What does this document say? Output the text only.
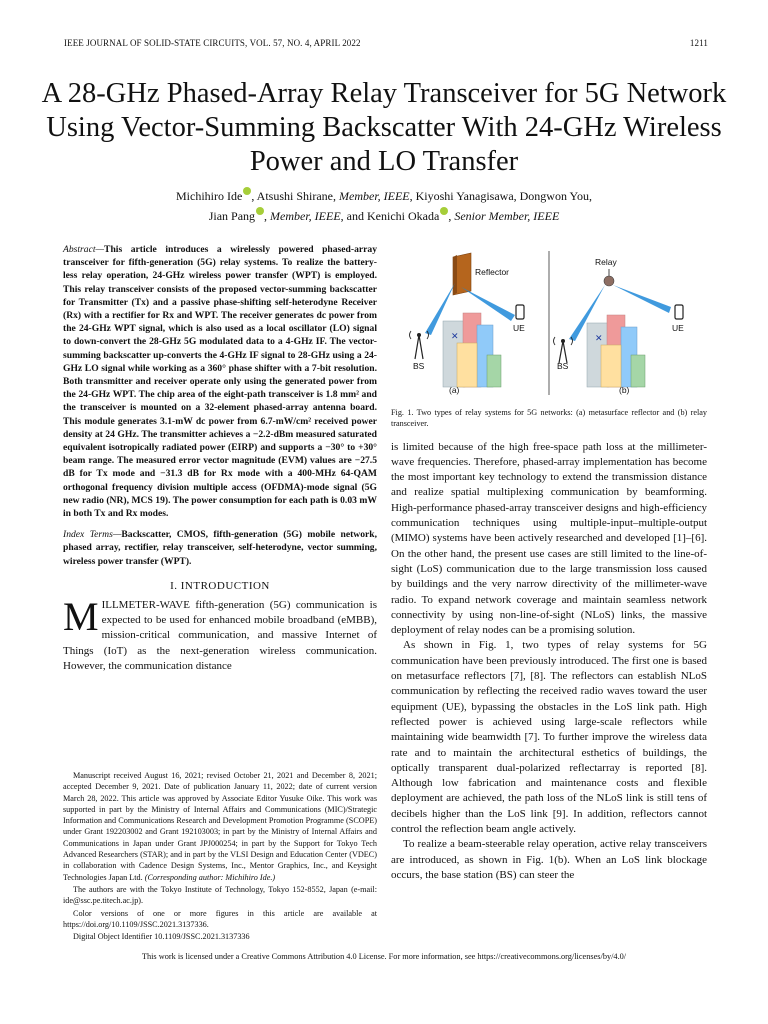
IEEE JOURNAL OF SOLID-STATE CIRCUITS, VOL. 57, NO. 4, APRIL 2022	1211
A 28-GHz Phased-Array Relay Transceiver for 5G Network Using Vector-Summing Backscatter With 24-GHz Wireless Power and LO Transfer
Michihiro Ide , Atsushi Shirane, Member, IEEE, Kiyoshi Yanagisawa, Dongwon You,
Jian Pang , Member, IEEE, and Kenichi Okada , Senior Member, IEEE

Abstract—This article introduces a wirelessly powered phased-array transceiver for fifth-generation (5G) relay systems. To realize the battery-less relay operation, 24-GHz wireless power transfer (WPT) is employed. This relay transceiver consists of the proposed vector-summing backscatter for Transmitter (Tx) and a passive phase-shifting self-heterodyne Receiver (Rx) with a rectifier for Rx and WPT. The receiver generates dc power from the 24-GHz WPT signal, which is also used as a local oscillator (LO) signal to down-convert the 28-GHz 5G modulated data to a 4-GHz IF. The vector-summing backscatter up-converts the 4-GHz IF signal to 28-GHz using a 24-GHz LO signal while working as a 360° phase shifter with a 7-bit resolution. Both transmitter and receiver operate only using the generated power from the 24-GHz WPT. The chip area of the eight-path transceiver is 1.8 mm² and the transceiver is mounted on a 32-element phased-array antenna board. This module generates 3.1-mW dc power from 6.7-mW/cm² received power density at 24 GHz. The transmitter achieves a −2.2-dBm measured saturated equivalent isotropically radiated power (EIRP) and supports a −30° to +30° beam range. The measured error vector magnitude (EVM) values are −27.5 dB for Tx mode and −31.3 dB for Rx mode with a 400-MHz 64-QAM orthogonal frequency division multiple access (OFDMA)-mode signal (5G new radio (NR), MCS 19). The power consumption for each path is 0.03 mW in both Tx and Rx modes.

Index Terms—Backscatter, CMOS, fifth-generation (5G) mobile network, phased array, rectifier, relay transceiver, self-heterodyne, vector summing, wireless power transfer (WPT).

I. INTRODUCTION

MILLMETER-WAVE fifth-generation (5G) communication is expected to be used for enhanced mobile broadband (eMBB), mission-critical communication, and massive Internet of Things (IoT) as the next-generation wireless communication. However, the communication distance

Manuscript received August 16, 2021; revised October 21, 2021 and December 8, 2021; accepted December 9, 2021. Date of publication January 11, 2022; date of current version March 28, 2022. This article was approved by Associate Editor Yusuke Oike. This work was supported in part by the Ministry of Internal Affairs and Communications (MIC)/Strategic Information and Communications Research and Development Promotion Programme (SCOPE) under Grant 192203002 and Grant 192103003; in part by the Ministry of Internal Affairs and Communications in Japan under Grant JPJ000254; in part by the Support for Tokyo Tech Advanced Researchers (STAR); and in part by the VLSI Design and Education Center (VDEC) in collaboration with Cadence Design Systems, Inc., Mentor Graphics, Inc., and Keysight Technologies Japan Ltd. (Corresponding author: Michihiro Ide.)

The authors are with the Tokyo Institute of Technology, Tokyo 152-8552, Japan (e-mail: ide@ssc.pe.titech.ac.jp).

Color versions of one or more figures in this article are available at https://doi.org/10.1109/JSSC.2021.3137336.

Digital Object Identifier 10.1109/JSSC.2021.3137336

Reflector
BS
✕
UE
(a)
Relay
BS
✕
UE
(b)

Fig. 1. Two types of relay systems for 5G networks: (a) metasurface reflector and (b) relay transceiver.

is limited because of the high free-space path loss at the millimeter-wave frequencies. Therefore, phased-array implementation has become the most important key technology to extend the transmission distance and realize spatial multiplexing communication by beamforming. High-performance phased-array transceiver designs and high-efficiency communication techniques using multiple-input–multiple-output (MIMO) systems have been actively researched and developed [1]–[6]. On the other hand, the present use cases are still limited to the line-of-sight (LoS) communication due to the large transmission loss caused by buildings and the very narrow directivity of the millimeter-wave radio. To expand network coverage and maintain seamless network connectivity by using non-line-of-sight (NLoS) links, the massive deployment of relay nodes can be a promising solution.

As shown in Fig. 1, two types of relay systems for 5G communication have been previously introduced. The first one is based on metasurface reflectors [7], [8]. The reflectors can establish NLoS communication by reflecting the received radio waves toward the user equipment (UE), bypassing the obstacles in the LoS link path. High reflected power is achieved using large-scale reflectors while maintaining wide beamwidth [7]. To further improve the wireless data rate and to maintain the architectural esthetics of buildings, the optically transparent dual-polarized reflectarray is reported [8]. Although low fabrication and maintenance costs and flexible deployment are achieved, the path loss of the NLoS link is still tens of decibels higher than the LoS link [9]. In addition, reflectors cannot control the reflection beam angle actively.

To realize a beam-steerable relay operation, active relay transceivers are introduced, as shown in Fig. 1(b). When an LoS link blockage occurs, the base station (BS) can steer the

This work is licensed under a Creative Commons Attribution 4.0 License. For more information, see https://creativecommons.org/licenses/by/4.0/
